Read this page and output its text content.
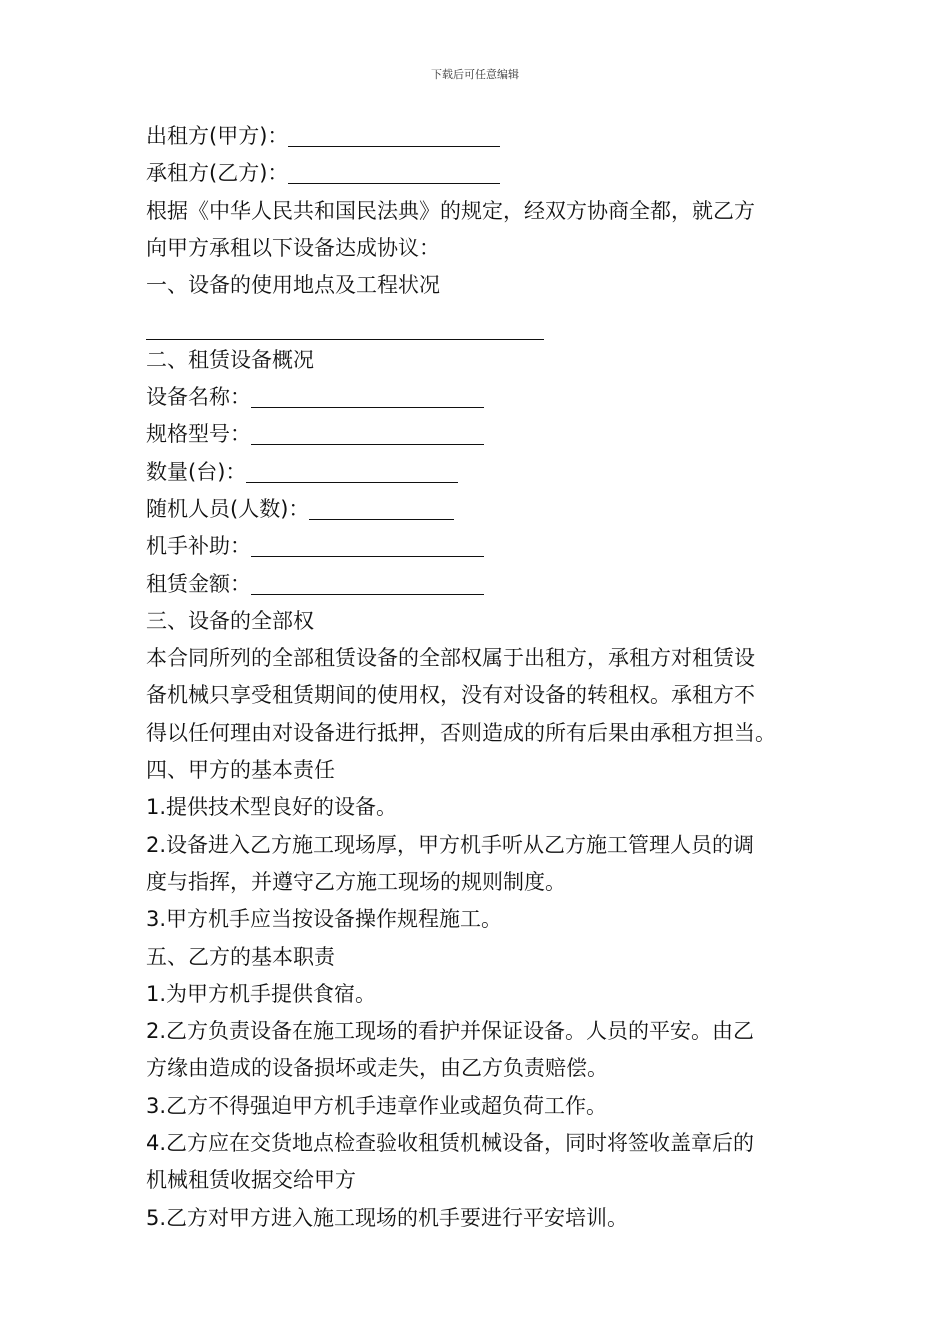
下载后可任意编辑
出租方(甲方)：
承租方(乙方)：
根据《中华人民共和国民法典》的规定，经双方协商全都，就乙方
向甲方承租以下设备达成协议：
一、设备的使用地点及工程状况
二、租赁设备概况
设备名称：
规格型号：
数量(台)：
随机人员(人数)：
机手补助：
租赁金额：
三、设备的全部权
本合同所列的全部租赁设备的全部权属于出租方，承租方对租赁设
备机械只享受租赁期间的使用权，没有对设备的转租权。承租方不
得以任何理由对设备进行抵押，否则造成的所有后果由承租方担当。
四、甲方的基本责任
1.提供技术型良好的设备。
2.设备进入乙方施工现场厚，甲方机手听从乙方施工管理人员的调
度与指挥，并遵守乙方施工现场的规则制度。
3.甲方机手应当按设备操作规程施工。
五、乙方的基本职责
1.为甲方机手提供食宿。
2.乙方负责设备在施工现场的看护并保证设备。人员的平安。由乙
方缘由造成的设备损坏或走失，由乙方负责赔偿。
3.乙方不得强迫甲方机手违章作业或超负荷工作。
4.乙方应在交货地点检查验收租赁机械设备，同时将签收盖章后的
机械租赁收据交给甲方
5.乙方对甲方进入施工现场的机手要进行平安培训。
